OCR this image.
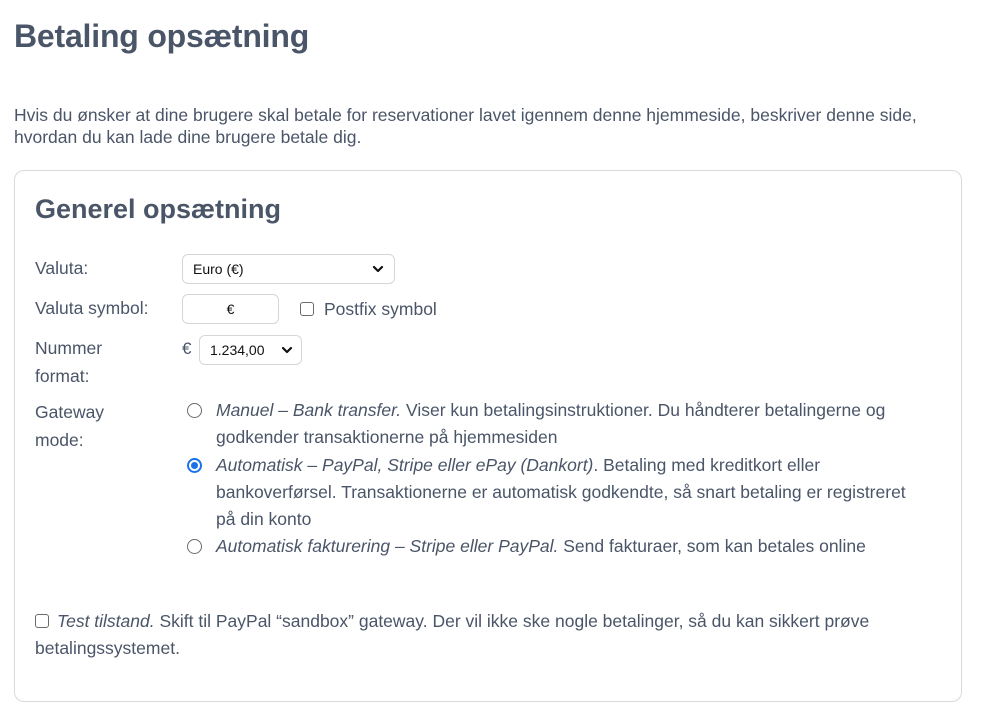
Betaling opsætning

Hvis du ønsker at dine brugere skal betale for reservationer lavet igennem denne hjemmeside, beskriver denne side, hvordan du kan lade dine brugere betale dig.

Generel opsætning
Valuta:	Euro (€)
Valuta symbol:
€	Postfix symbol
Nummer
format:
€ 1.234,00
Gateway
mode:
Manuel – Bank transfer. Viser kun betalingsinstruktioner. Du håndterer betalingerne og godkender transaktionerne på hjemmesiden
Automatisk – PayPal, Stripe eller ePay (Dankort). Betaling med kreditkort eller bankoverførsel. Transaktionerne er automatisk godkendte, så snart betaling er registreret på din konto
Automatisk fakturering – Stripe eller PayPal. Send fakturaer, som kan betales online
Test tilstand. Skift til PayPal “sandbox” gateway. Der vil ikke ske nogle betalinger, så du kan sikkert prøve betalingssystemet.
